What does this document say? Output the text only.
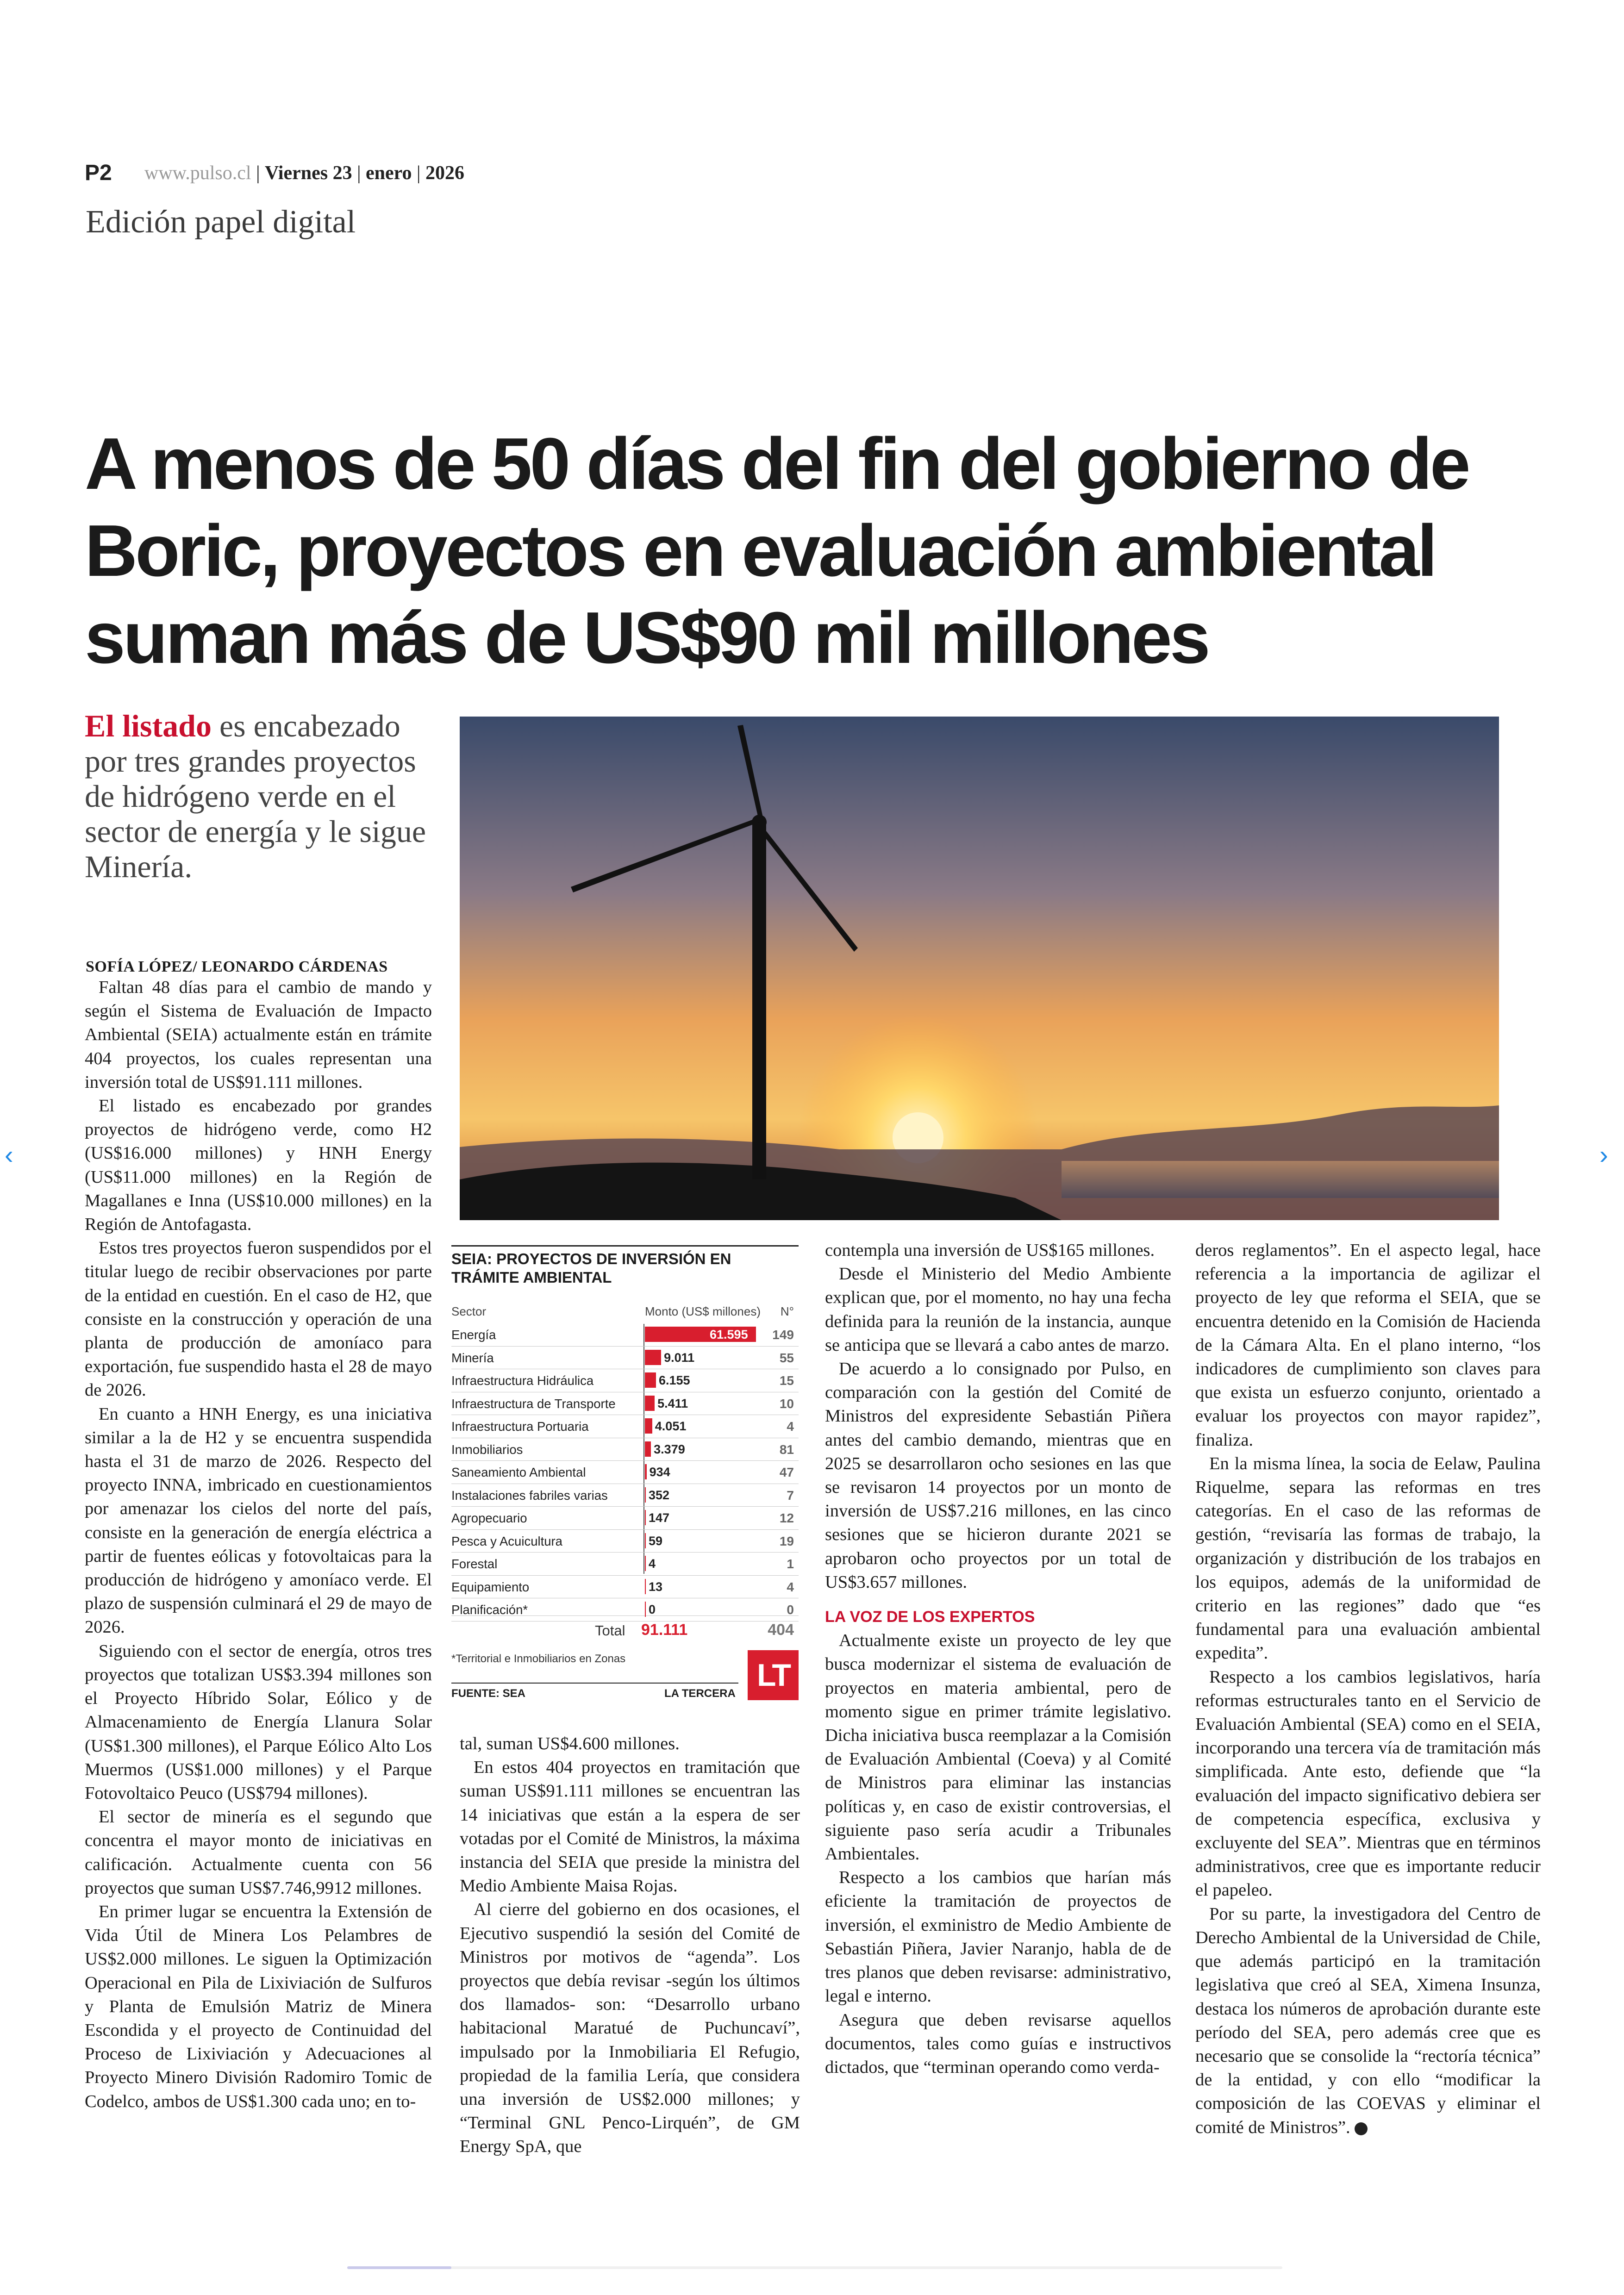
P2 www.pulso.cl | Viernes 23 | enero | 2026
Edición papel digital
A menos de 50 días del fin del gobierno de
Boric, proyectos en evaluación ambiental
suman más de US$90 mil millones
El listado es encabezado por tres grandes proyectos de hidrógeno verde en el sector de energía y le sigue Minería.
SOFÍA LÓPEZ/ LEONARDO CÁRDENAS

Faltan 48 días para el cambio de mando y según el Sistema de Evaluación de Impacto Ambiental (SEIA) actualmente están en trámite 404 proyectos, los cuales representan una inversión total de US$91.111 millones.

El listado es encabezado por grandes proyectos de hidrógeno verde, como H2 (US$16.000 millones) y HNH Energy (US$11.000 millones) en la Región de Magallanes e Inna (US$10.000 millones) en la Región de Antofagasta.

Estos tres proyectos fueron suspendidos por el titular luego de recibir observaciones por parte de la entidad en cuestión. En el caso de H2, que consiste en la construcción y operación de una planta de producción de amoníaco para exportación, fue suspendido hasta el 28 de mayo de 2026.

En cuanto a HNH Energy, es una iniciativa similar a la de H2 y se encuentra suspendida hasta el 31 de marzo de 2026. Respecto del proyecto INNA, imbricado en cuestionamientos por amenazar los cielos del norte del país, consiste en la generación de energía eléctrica a partir de fuentes eólicas y fotovoltaicas para la producción de hidrógeno y amoníaco verde. El plazo de suspensión culminará el 29 de mayo de 2026.

Siguiendo con el sector de energía, otros tres proyectos que totalizan US$3.394 millones son el Proyecto Híbrido Solar, Eólico y de Almacenamiento de Energía Llanura Solar (US$1.300 millones), el Parque Eólico Alto Los Muermos (US$1.000 millones) y el Parque Fotovoltaico Peuco (US$794 millones).

El sector de minería es el segundo que concentra el mayor monto de iniciativas en calificación. Actualmente cuenta con 56 proyectos que suman US$7.746,9912 millones.

En primer lugar se encuentra la Extensión de Vida Útil de Minera Los Pelambres de US$2.000 millones. Le siguen la Optimización Operacional en Pila de Lixiviación de Sulfuros y Planta de Emulsión Matriz de Minera Escondida y el proyecto de Continuidad del Proceso de Lixiviación y Adecuaciones al Proyecto Minero División Radomiro Tomic de Codelco, ambos de US$1.300 cada uno; en to-

SEIA: PROYECTOS DE INVERSIÓN EN TRÁMITE AMBIENTAL
Sector	Monto (US$ millones) N°
Total 91.111	404
*Territorial e Inmobiliarios en Zonas
FUENTE: SEA	LA TERCERA
LT
Energía	61.595 149
Minería	9.011	55
Infraestructura Hidráulica	6.155	15
Infraestructura de Transporte	5.411	10
Infraestructura Portuaria	4.051	4
Inmobiliarios	3.379	81
Saneamiento Ambiental	934	47
Instalaciones fabriles varias	352	7
Agropecuario	147	12
Pesca y Acuicultura	59	19
Forestal	4	1
Equipamiento	13	4
Planificación*	0	0

tal, suman US$4.600 millones.

En estos 404 proyectos en tramitación que suman US$91.111 millones se encuentran las 14 iniciativas que están a la espera de ser votadas por el Comité de Ministros, la máxima instancia del SEIA que preside la ministra del Medio Ambiente Maisa Rojas.

Al cierre del gobierno en dos ocasiones, el Ejecutivo suspendió la sesión del Comité de Ministros por motivos de “agenda”. Los proyectos que debía revisar -según los últimos dos llamados- son: “Desarrollo urbano habitacional Maratué de Puchuncaví”, impulsado por la Inmobiliaria El Refugio, propiedad de la familia Lería, que considera una inversión de US$2.000 millones; y “Terminal GNL Penco-Lirquén”, de GM Energy SpA, que

contempla una inversión de US$165 millones.

Desde el Ministerio del Medio Ambiente explican que, por el momento, no hay una fecha definida para la reunión de la instancia, aunque se anticipa que se llevará a cabo antes de marzo.

De acuerdo a lo consignado por Pulso, en comparación con la gestión del Comité de Ministros del expresidente Sebastián Piñera antes del cambio demando, mientras que en 2025 se desarrollaron ocho sesiones en las que se revisaron 14 proyectos por un monto de inversión de US$7.216 millones, en las cinco sesiones que se hicieron durante 2021 se aprobaron ocho proyectos por un total de US$3.657 millones.

LA VOZ DE LOS EXPERTOS

Actualmente existe un proyecto de ley que busca modernizar el sistema de evaluación de proyectos en materia ambiental, pero de momento sigue en primer trámite legislativo. Dicha iniciativa busca reemplazar a la Comisión de Evaluación Ambiental (Coeva) y al Comité de Ministros para eliminar las instancias políticas y, en caso de existir controversias, el siguiente paso sería acudir a Tribunales Ambientales.

Respecto a los cambios que harían más eficiente la tramitación de proyectos de inversión, el exministro de Medio Ambiente de Sebastián Piñera, Javier Naranjo, habla de de tres planos que deben revisarse: administrativo, legal e interno.

Asegura que deben revisarse aquellos documentos, tales como guías e instructivos dictados, que “terminan operando como verda-

deros reglamentos”. En el aspecto legal, hace referencia a la importancia de agilizar el proyecto de ley que reforma el SEIA, que se encuentra detenido en la Comisión de Hacienda de la Cámara Alta. En el plano interno, “los indicadores de cumplimiento son claves para que exista un esfuerzo conjunto, orientado a evaluar los proyectos con mayor rapidez”, finaliza.

En la misma línea, la socia de Eelaw, Paulina Riquelme, separa las reformas en tres categorías. En el caso de las reformas de gestión, “revisaría las formas de trabajo, la organización y distribución de los trabajos en los equipos, además de la uniformidad de criterio en las regiones” dado que “es fundamental para una evaluación ambiental expedita”.

Respecto a los cambios legislativos, haría reformas estructurales tanto en el Servicio de Evaluación Ambiental (SEA) como en el SEIA, incorporando una tercera vía de tramitación más simplificada. Ante esto, defiende que “la evaluación del impacto significativo debiera ser de competencia específica, exclusiva y excluyente del SEA”. Mientras que en términos administrativos, cree que es importante reducir el papeleo.

Por su parte, la investigadora del Centro de Derecho Ambiental de la Universidad de Chile, que además participó en la tramitación legislativa que creó al SEA, Ximena Insunza, destaca los números de aprobación durante este período del SEA, pero además cree que es necesario que se consolide la “rectoría técnica” de la entidad, y con ello “modificar la composición de las COEVAS y eliminar el comité de Ministros”. P

‹	›
